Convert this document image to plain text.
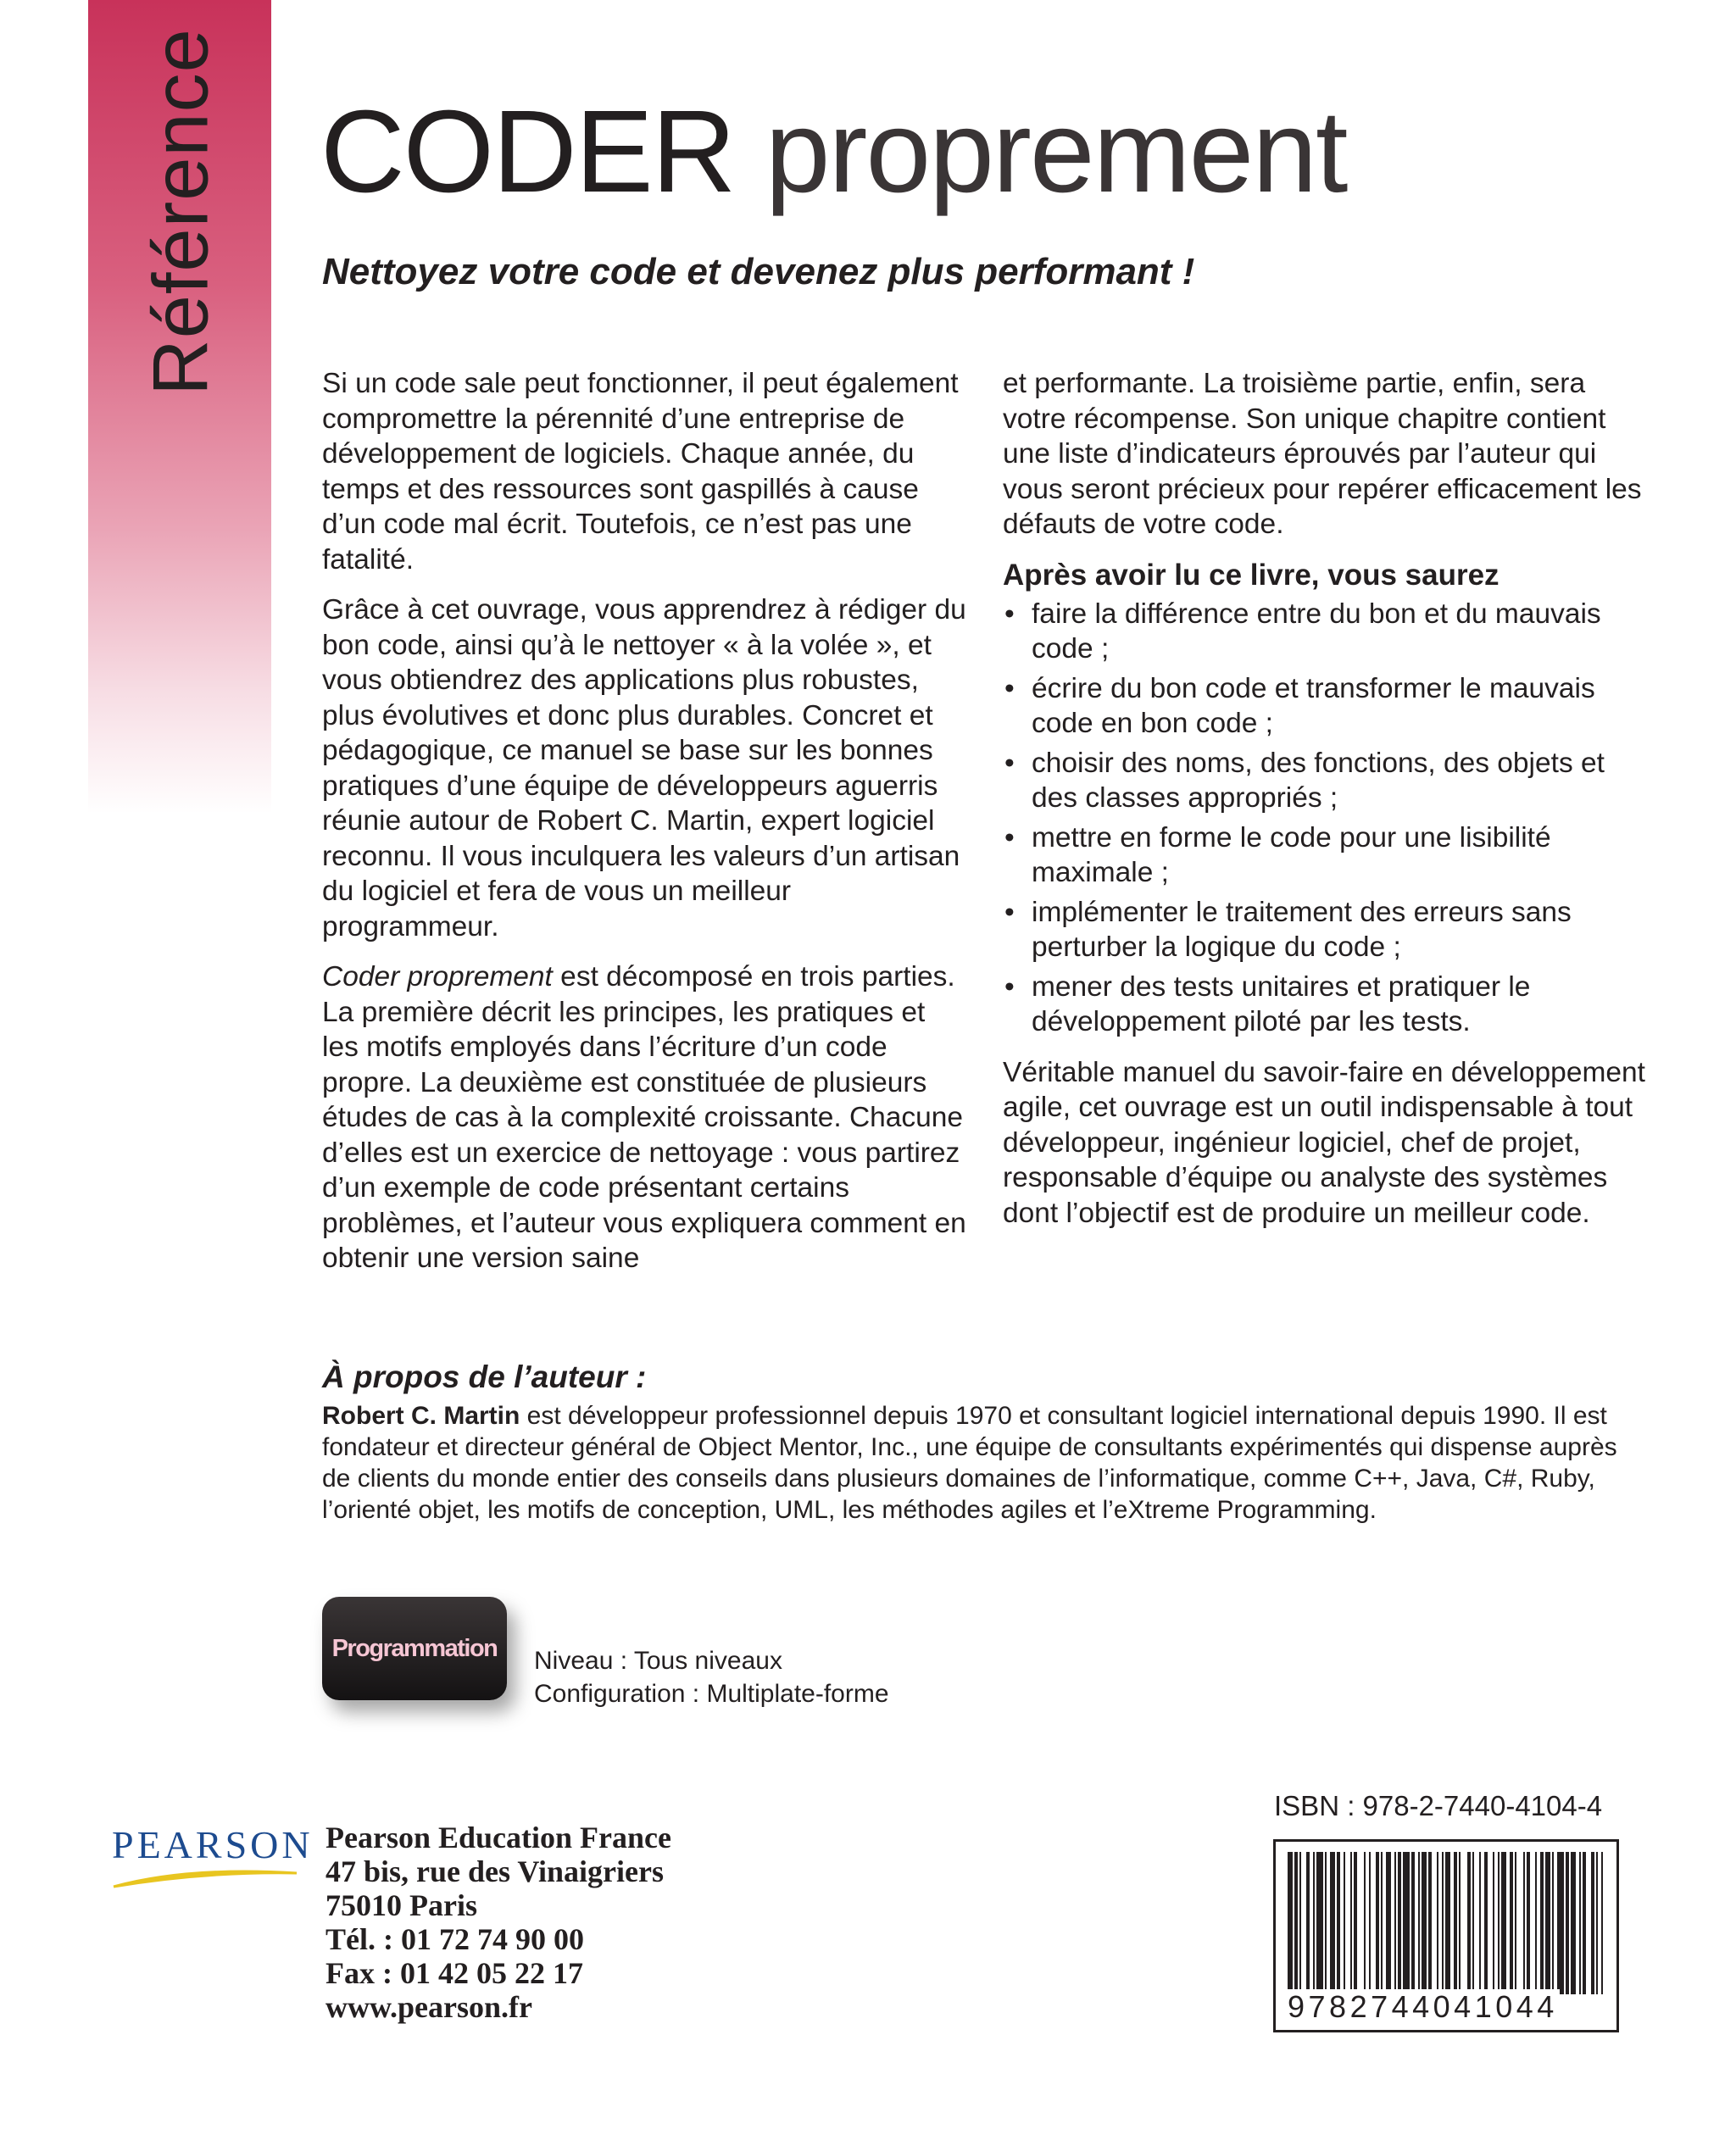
Référence CODER proprement
Nettoyez votre code et devenez plus performant !

Si un code sale peut fonctionner, il peut également compromettre la pérennité d’une entreprise de développement de logiciels. Chaque année, du temps et des ressources sont gaspillés à cause d’un code mal écrit. Toutefois, ce n’est pas une fatalité.

Grâce à cet ouvrage, vous apprendrez à rédiger du bon code, ainsi qu’à le nettoyer « à la volée », et vous obtiendrez des applications plus robustes, plus évolutives et donc plus durables. Concret et pédagogique, ce manuel se base sur les bonnes pratiques d’une équipe de développeurs aguerris réunie autour de Robert C. Martin, expert logiciel reconnu. Il vous inculquera les valeurs d’un artisan du logiciel et fera de vous un meilleur programmeur.

Coder proprement est décomposé en trois parties. La première décrit les principes, les pratiques et les motifs employés dans l’écriture d’un code propre. La deuxième est constituée de plusieurs études de cas à la complexité croissante. Chacune d’elles est un exercice de nettoyage : vous partirez d’un exemple de code présentant certains problèmes, et l’auteur vous expliquera comment en obtenir une version saine

et performante. La troisième partie, enfin, sera votre récompense. Son unique chapitre contient une liste d’indicateurs éprouvés par l’auteur qui vous seront précieux pour repérer efficacement les défauts de votre code.

Après avoir lu ce livre, vous saurez
• faire la différence entre du bon et du mauvais code ;
• écrire du bon code et transformer le mauvais code en bon code ;
• choisir des noms, des fonctions, des objets et des classes appropriés ;
• mettre en forme le code pour une lisibilité maximale ;
• implémenter le traitement des erreurs sans perturber la logique du code ;
• mener des tests unitaires et pratiquer le développement piloté par les tests.

Véritable manuel du savoir-faire en développement agile, cet ouvrage est un outil indispensable à tout développeur, ingénieur logiciel, chef de projet, responsable d’équipe ou analyste des systèmes dont l’objectif est de produire un meilleur code.

À propos de l’auteur :

Robert C. Martin est développeur professionnel depuis 1970 et consultant logiciel international depuis 1990. Il est fondateur et directeur général de Object Mentor, Inc., une équipe de consultants expérimentés qui dispense auprès de clients du monde entier des conseils dans plusieurs domaines de l’informatique, comme C++, Java, C#, Ruby, l’orienté objet, les motifs de conception, UML, les méthodes agiles et l’eXtreme Programming.

Programmation Niveau : Tous niveaux
Configuration : Multiplate-forme
PEARSON Pearson Education France
47 bis, rue des Vinaigriers
75010 Paris
Tél. : 01 72 74 90 00
Fax : 01 42 05 22 17
www.pearson.fr
ISBN : 978-2-7440-4104-4
9782744041044
